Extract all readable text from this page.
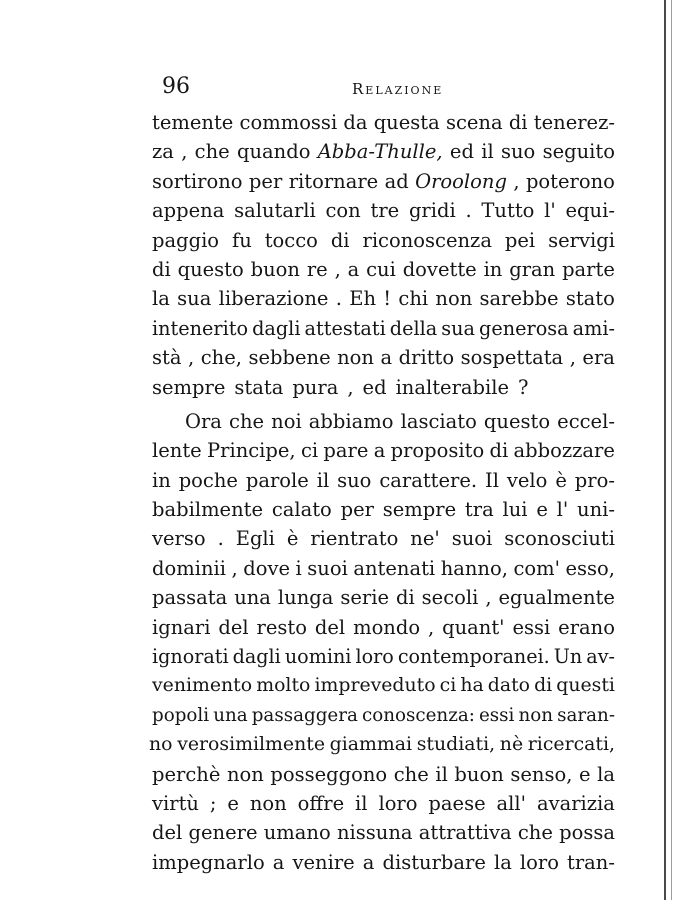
96	Relazione
temente commossi da questa scena di tenerez-
za , che quando Abba-Thulle, ed il suo seguito
sortirono per ritornare ad Oroolong , poterono
appena salutarli con tre gridi . Tutto l' equi-
paggio fu tocco di riconoscenza pei servigi
di questo buon re , a cui dovette in gran parte
la sua liberazione . Eh ! chi non sarebbe stato
intenerito dagli attestati della sua generosa ami-
stà , che, sebbene non a dritto sospettata , era
sempre stata pura , ed inalterabile ?
Ora che noi abbiamo lasciato questo eccel-
lente Principe, ci pare a proposito di abbozzare
in poche parole il suo carattere. Il velo è pro-
babilmente calato per sempre tra lui e l' uni-
verso . Egli è rientrato ne' suoi sconosciuti
dominii , dove i suoi antenati hanno, com' esso,
passata una lunga serie di secoli , egualmente
ignari del resto del mondo , quant' essi erano
ignorati dagli uomini loro contemporanei. Un av-
venimento molto impreveduto ci ha dato di questi
popoli una passaggera conoscenza: essi non saran-
no verosimilmente giammai studiati, nè ricercati,
perchè non posseggono che il buon senso, e la
virtù ; e non offre il loro paese all' avarizia
del genere umano nissuna attrattiva che possa
impegnarlo a venire a disturbare la loro tran-
